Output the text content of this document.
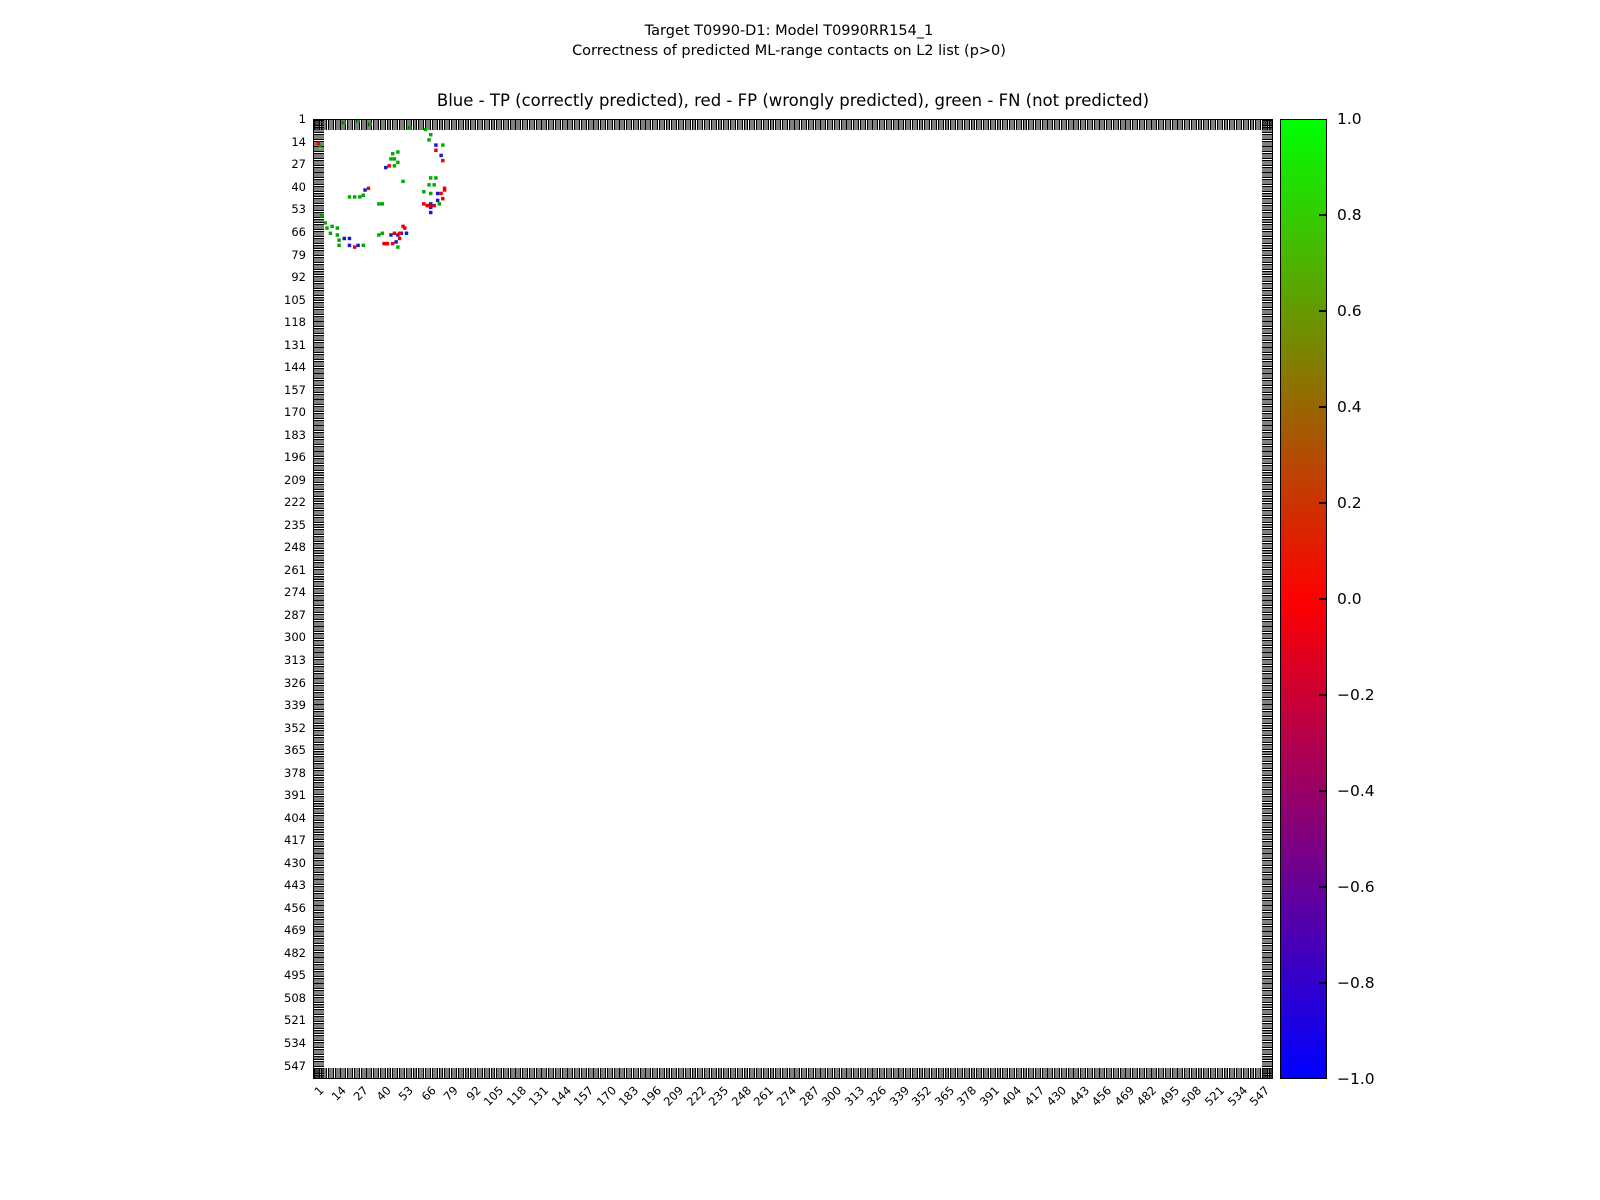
Target T0990-D1: Model T0990RR154_1
Correctness of predicted ML-range contacts on L2 list (p>0)
Blue - TP (correctly predicted), red - FP (wrongly predicted), green - FN (not predicted)
1
1
14
14
27
27
40
40
53
53
66
66
79
79
92
92
105
105
118
118
131
131
144
144
157
157
170
170
183
183
196
196
209
209
222
222
235
235
248
248
261
261
274
274
287
287
300
300
313
313
326
326
339
339
352
352
365
365
378
378
391
391
404
404
417
417
430
430
443
443
456
456
469
469
482
482
495
495
508
508
521
521
534
534
547
547
1.0
0.8
0.6
0.4
0.2
0.0
−0.2
−0.4
−0.6
−0.8
−1.0
